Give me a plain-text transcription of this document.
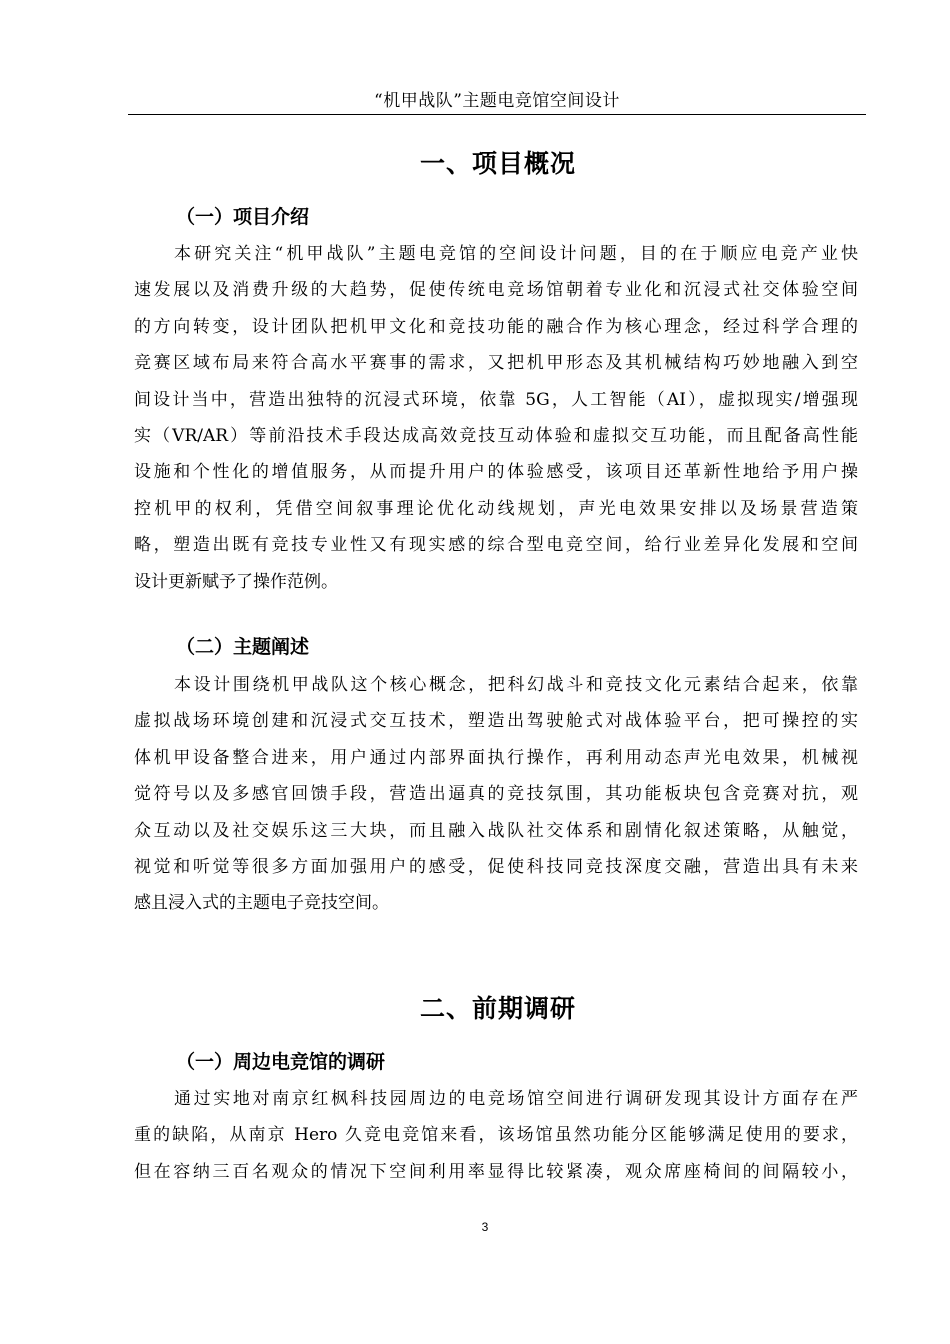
“机甲战队”主题电竞馆空间设计
一、项目概况
（一）项目介绍
本研究关注“机甲战队”主题电竞馆的空间设计问题，目的在于顺应电竞产业快
速发展以及消费升级的大趋势，促使传统电竞场馆朝着专业化和沉浸式社交体验空间
的方向转变，设计团队把机甲文化和竞技功能的融合作为核心理念，经过科学合理的
竞赛区域布局来符合高水平赛事的需求，又把机甲形态及其机械结构巧妙地融入到空
间设计当中，营造出独特的沉浸式环境，依靠 5G，人工智能（AI），虚拟现实/增强现
实（VR/AR）等前沿技术手段达成高效竞技互动体验和虚拟交互功能，而且配备高性能
设施和个性化的增值服务，从而提升用户的体验感受，该项目还革新性地给予用户操
控机甲的权利，凭借空间叙事理论优化动线规划，声光电效果安排以及场景营造策
略，塑造出既有竞技专业性又有现实感的综合型电竞空间，给行业差异化发展和空间
设计更新赋予了操作范例。
（二）主题阐述
本设计围绕机甲战队这个核心概念，把科幻战斗和竞技文化元素结合起来，依靠
虚拟战场环境创建和沉浸式交互技术，塑造出驾驶舱式对战体验平台，把可操控的实
体机甲设备整合进来，用户通过内部界面执行操作，再利用动态声光电效果，机械视
觉符号以及多感官回馈手段，营造出逼真的竞技氛围，其功能板块包含竞赛对抗，观
众互动以及社交娱乐这三大块，而且融入战队社交体系和剧情化叙述策略，从触觉，
视觉和听觉等很多方面加强用户的感受，促使科技同竞技深度交融，营造出具有未来
感且浸入式的主题电子竞技空间。
二、前期调研
（一）周边电竞馆的调研
通过实地对南京红枫科技园周边的电竞场馆空间进行调研发现其设计方面存在严
重的缺陷，从南京 Hero 久竞电竞馆来看，该场馆虽然功能分区能够满足使用的要求，
但在容纳三百名观众的情况下空间利用率显得比较紧凑，观众席座椅间的间隔较小，
3
